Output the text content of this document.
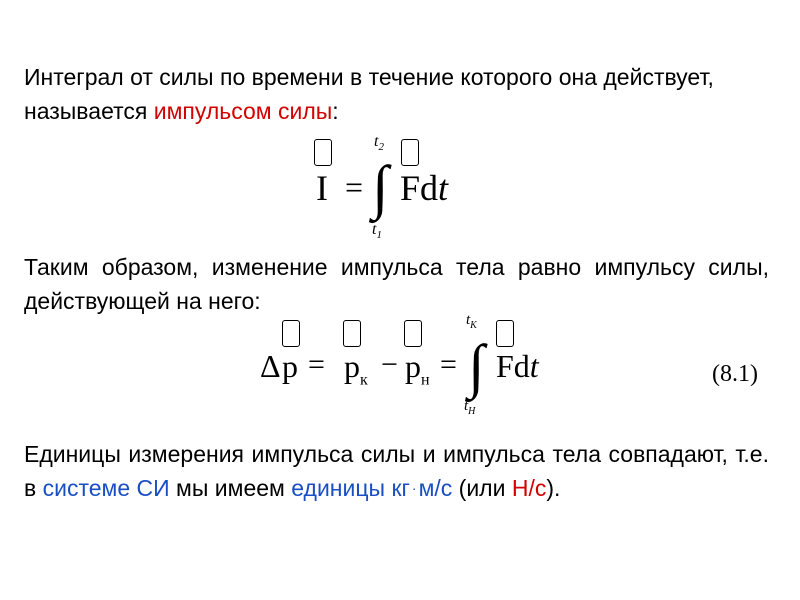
Интеграл от силы по времени в течение которого она действует, называется импульсом силы:
I = ∫
$t_2$
$t_1$
Fdt
Таким образом, изменение импульса тела равно импульсу силы, действующей на него:
Δ $p = p_к - p_н$ = ∫
$t_K$
$t_H$
Fdt	(8.1)
Единицы измерения импульса силы и импульса тела совпадают, т.е. в системе СИ мы имеем единицы кг ·м/с (или Н/с).
